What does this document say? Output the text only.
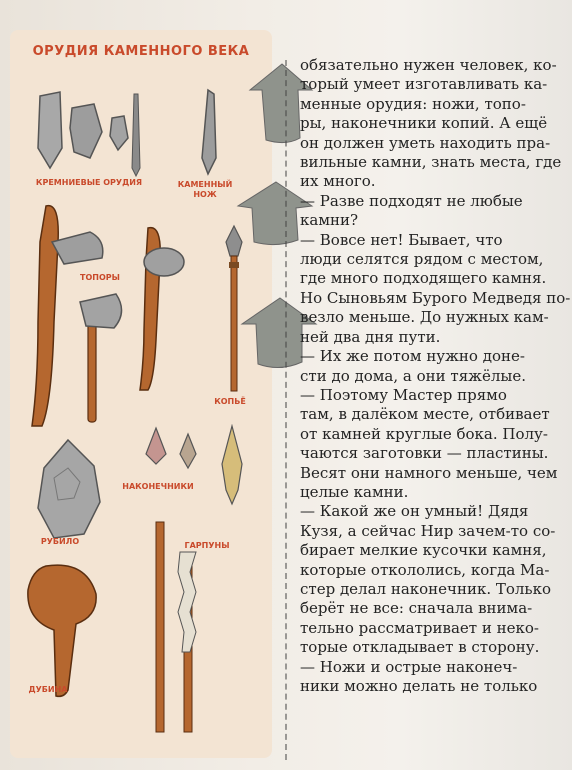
ОРУДИЯ КАМЕННОГО ВЕКА
КРЕМНИЕВЫЕ ОРУДИЯ	КАМЕННЫЙ
НОЖ
ТОПОРЫ
КОПЬЁ
РУБИЛО
НАКОНЕЧНИКИ
ГАРПУНЫ
ДУБИНА
обязательно нужен человек, ко-
торый умеет изготавливать ка-
менные орудия: ножи, топо-
ры, наконечники копий. А ещё
он должен уметь находить пра-
вильные камни, знать места, где
их много.
— Разве подходят не любые
камни?
— Вовсе нет! Бывает, что
люди селятся рядом с местом,
где много подходящего камня.
Но Сыновьям Бурого Медведя по-
везло меньше. До нужных кам-
ней два дня пути.
— Их же потом нужно доне-
сти до дома, а они тяжёлые.
— Поэтому Мастер прямо
там, в далёком месте, отбивает
от камней круглые бока. Полу-
чаются заготовки — пластины.
Весят они намного меньше, чем
целые камни.
— Какой же он умный! Дядя
Кузя, а сейчас Нир зачем-то со-
бирает мелкие кусочки камня,
которые откололись, когда Ма-
стер делал наконечник. Только
берёт не все: сначала внима-
тельно рассматривает и неко-
торые откладывает в сторону.
— Ножи и острые наконеч-
ники можно делать не только
